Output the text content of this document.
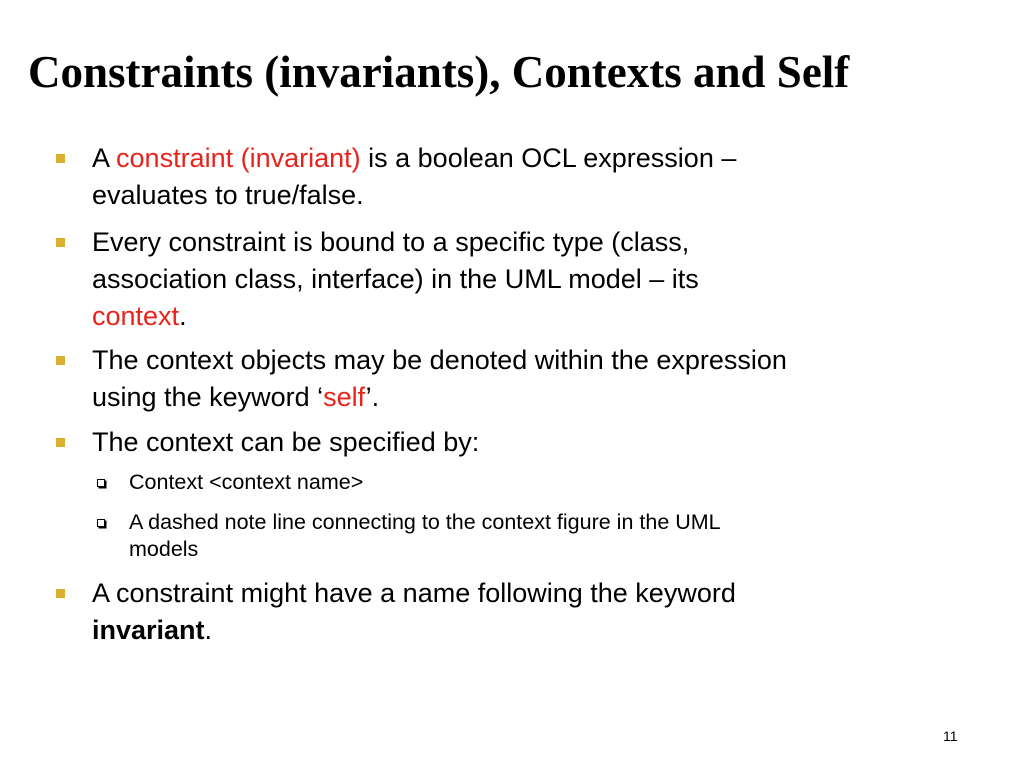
Constraints (invariants), Contexts and Self
A constraint (invariant) is a boolean OCL expression –
evaluates to true/false.
Every constraint is bound to a specific type (class,
association class, interface) in the UML model – its
context.
The context objects may be denoted within the expression
using the keyword ‘self’.
The context can be specified by:
Context <context name>
A dashed note line connecting to the context figure in the UML
models
A constraint might have a name following the keyword
invariant.
11
